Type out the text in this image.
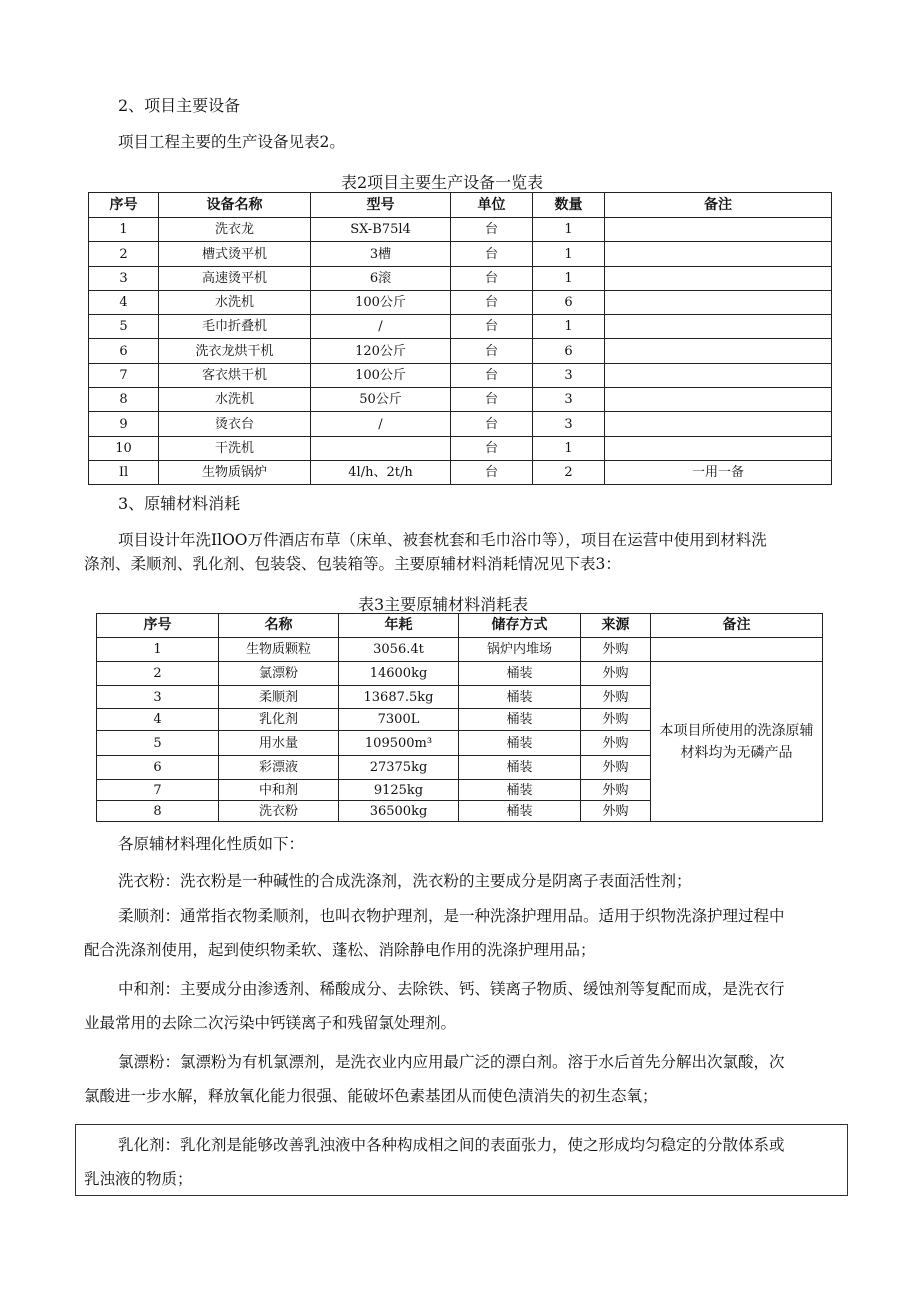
2、项目主要设备
项目工程主要的生产设备见表2。
表2项目主要生产设备一览表
序号	设备名称	型号	单位	数量	备注
1	洗衣龙	SX-B75l4	台	1	
2	槽式烫平机	3槽	台	1	
3	高速烫平机	6滚	台	1	
4	水洗机	100公斤	台	6	
5	毛巾折叠机	/	台	1	
6	洗衣龙烘干机	120公斤	台	6	
7	客衣烘干机	100公斤	台	3	
8	水洗机	50公斤	台	3	
9	烫衣台	/	台	3	
10	干洗机		台	1	
Il	生物质锅炉	4l/h、2t/h	台	2	一用一备
3、原辅材料消耗
项目设计年洗IlOO万件酒店布草（床单、被套枕套和毛巾浴巾等），项目在运营中使用到材料洗
涤剂、柔顺剂、乳化剂、包装袋、包装箱等。主要原辅材料消耗情况见下表3：
表3主要原辅材料消耗表
序号	名称	年耗	储存方式	来源	备注
1	生物质颗粒	3056.4t	锅炉内堆场	外购	
2	氯漂粉	14600kg	桶装	外购	本项目所使用的洗涤原辅材料均为无磷产品
3	柔顺剂	13687.5kg	桶装	外购	
4	乳化剂	7300L	桶装	外购	
5	用水量	109500m³	桶装	外购	
6	彩漂液	27375kg	桶装	外购	
7	中和剂	9125kg	桶装	外购	
8	洗衣粉	36500kg	桶装	外购	
各原辅材料理化性质如下：
洗衣粉：洗衣粉是一种碱性的合成洗涤剂，洗衣粉的主要成分是阴离子表面活性剂；
柔顺剂：通常指衣物柔顺剂，也叫衣物护理剂，是一种洗涤护理用品。适用于织物洗涤护理过程中
配合洗涤剂使用，起到使织物柔软、蓬松、消除静电作用的洗涤护理用品；
中和剂：主要成分由渗透剂、稀酸成分、去除铁、钙、镁离子物质、缓蚀剂等复配而成，是洗衣行
业最常用的去除二次污染中钙镁离子和残留氯处理剂。
氯漂粉：氯漂粉为有机氯漂剂，是洗衣业内应用最广泛的漂白剂。溶于水后首先分解出次氯酸，次
氯酸进一步水解，释放氧化能力很强、能破坏色素基团从而使色渍消失的初生态氧；
乳化剂：乳化剂是能够改善乳浊液中各种构成相之间的表面张力，使之形成均匀稳定的分散体系或
乳浊液的物质；
